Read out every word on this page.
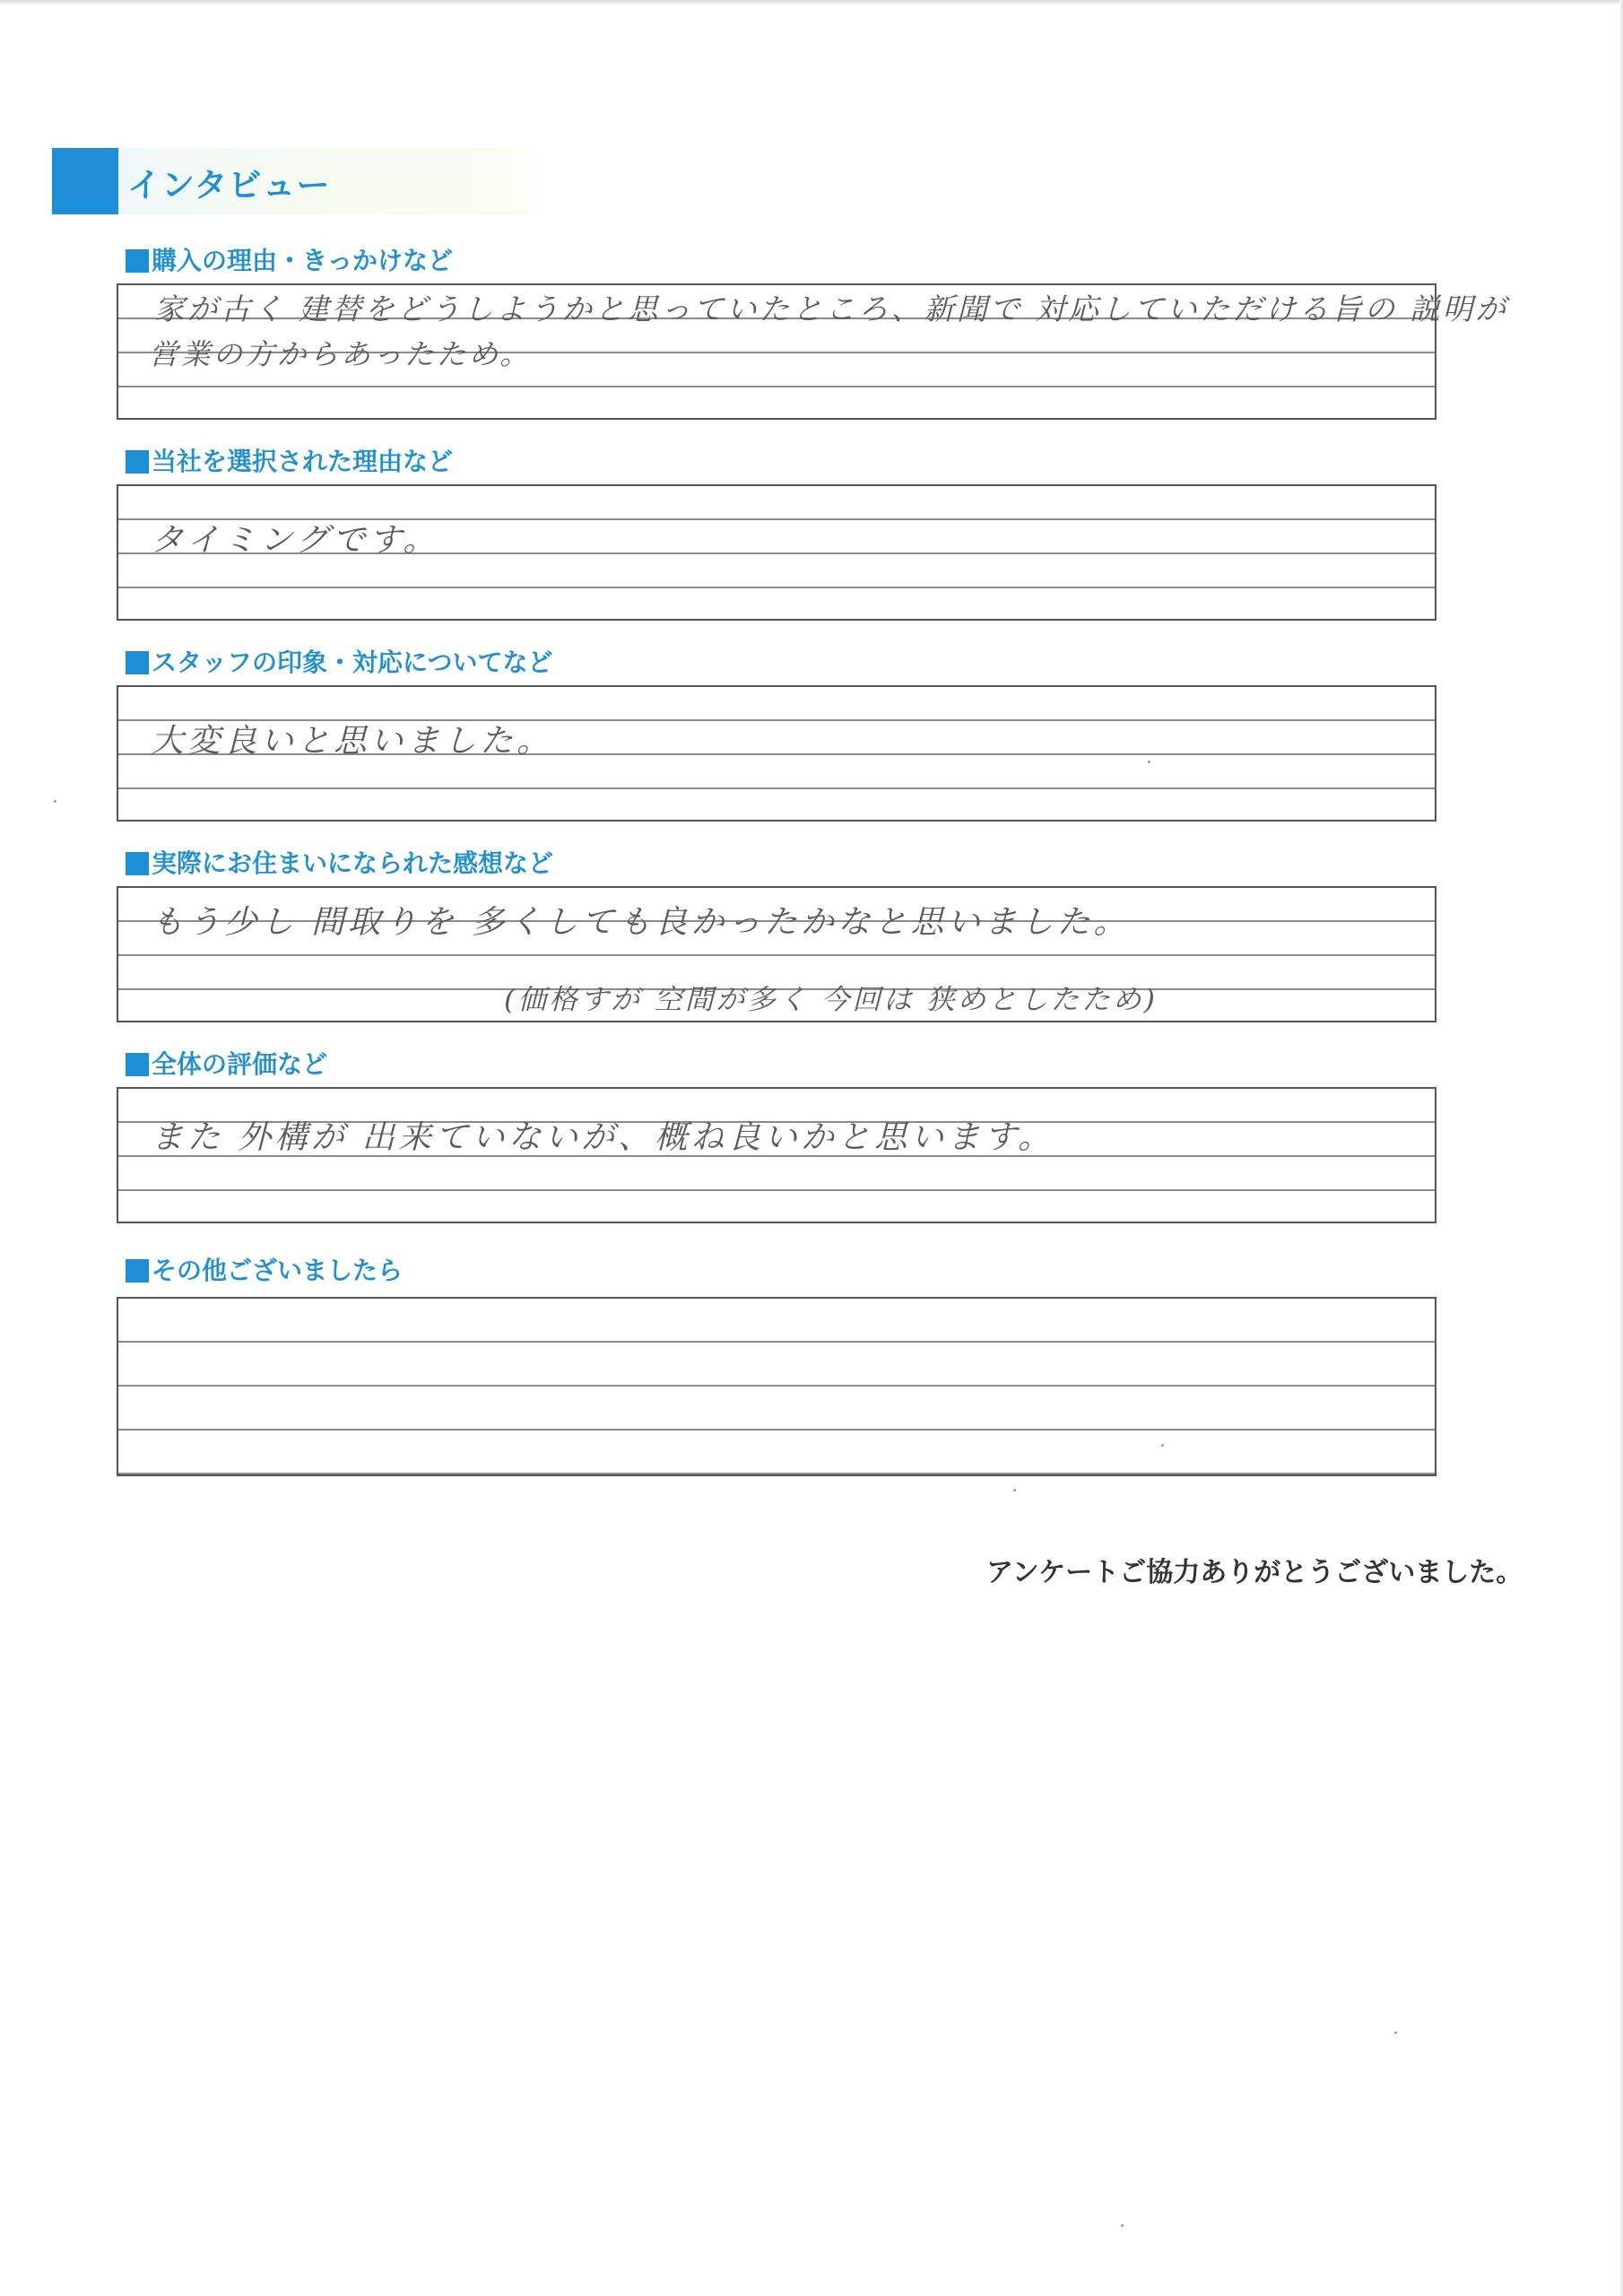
インタビュー
購入の理由・きっかけなど
家が古く 建替をどうしようかと思っていたところ、新聞で 対応していただける旨の 説明が
営業の方からあったため。
当社を選択された理由など
タイミングです。
スタッフの印象・対応についてなど
大変良いと思いました。
実際にお住まいになられた感想など
もう少し 間取りを 多くしても良かったかなと思いました。
(価格すが 空間が多く 今回は 狭めとしたため)
全体の評価など
また 外構が 出来ていないが、概ね良いかと思います。
その他ございましたら
アンケートご協力ありがとうございました。
